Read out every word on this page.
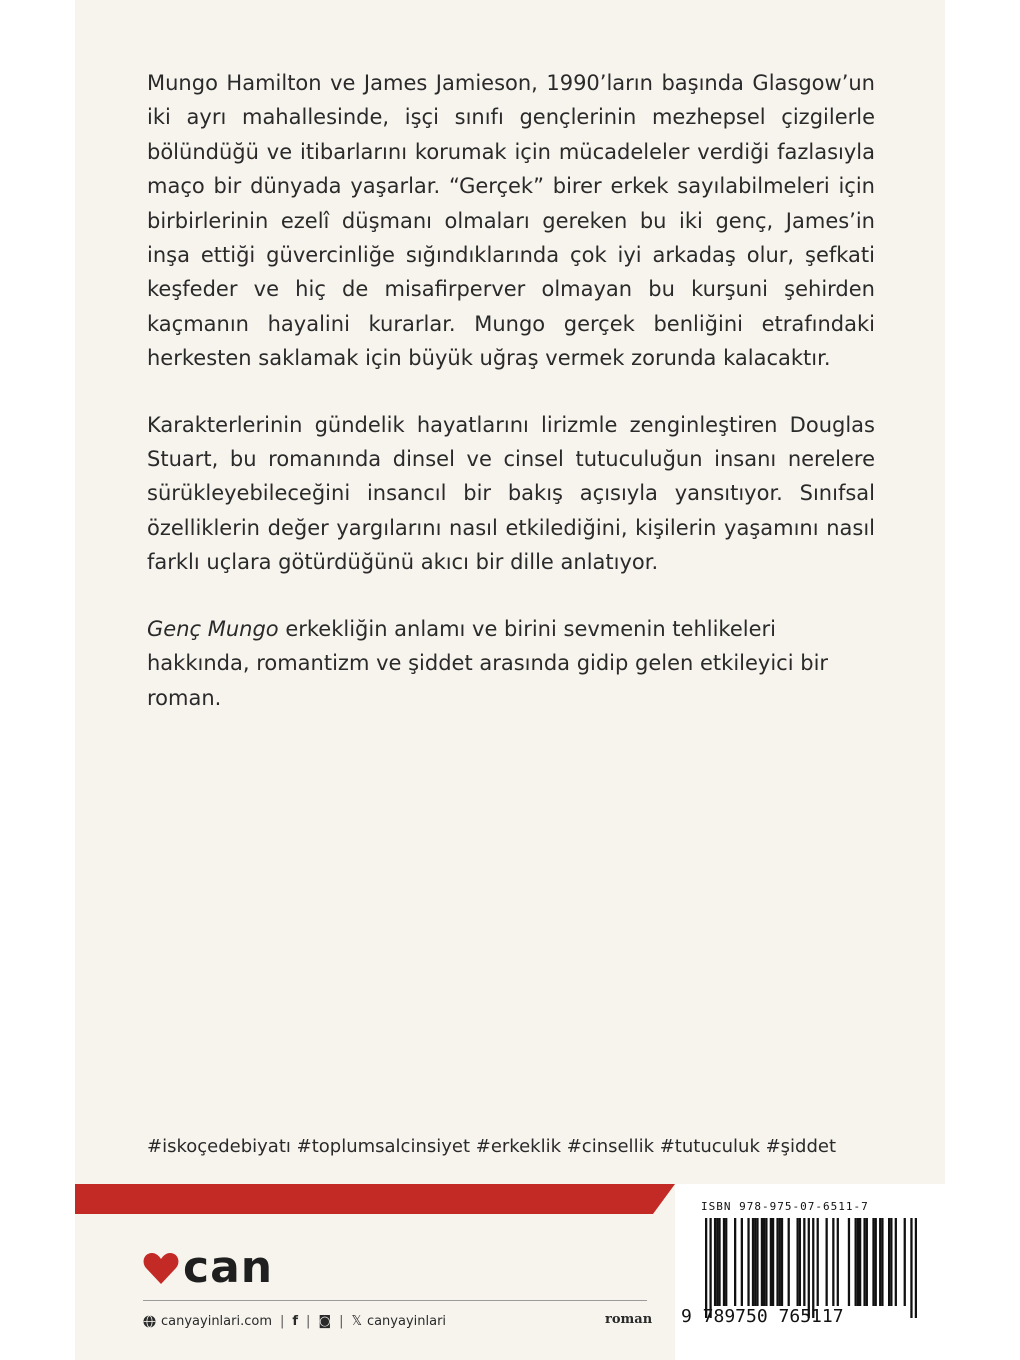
Mungo Hamilton ve James Jamieson, 1990’ların başında Glasgow’un iki ayrı mahallesinde, işçi sınıfı gençlerinin mezhepsel çizgilerle bölündüğü ve itibarlarını korumak için mücadeleler verdiği fazlasıyla maço bir dünyada yaşarlar. “Gerçek” birer erkek sayılabilmeleri için birbirlerinin ezelî düşmanı olmaları gereken bu iki genç, James’in inşa ettiği güvercinliğe sığındıklarında çok iyi arkadaş olur, şefkati keşfeder ve hiç de misafirperver olmayan bu kurşuni şehirden kaçmanın hayalini kurarlar. Mungo gerçek benliğini etrafındaki herkesten saklamak için büyük uğraş vermek zorunda kalacaktır.

Karakterlerinin gündelik hayatlarını lirizmle zenginleştiren Douglas Stuart, bu romanında dinsel ve cinsel tutuculuğun insanı nerelere sürükleyebileceğini insancıl bir bakış açısıyla yansıtıyor. Sınıfsal özelliklerin değer yargılarını nasıl etkilediğini, kişilerin yaşamını nasıl farklı uçlara götürdüğünü akıcı bir dille anlatıyor.

Genç Mungo erkekliğin anlamı ve birini sevmenin tehlikeleri hakkında, romantizm ve şiddet arasında gidip gelen etkileyici bir roman.

#iskoçedebiyatı #toplumsalcinsiyet #erkeklik #cinsellik #tutuculuk #şiddet
can
canyayinlari.com | f | ◙ | 𝕏 canyayinlari	roman
ISBN 978-975-07-6511-7
9 789750 765117
